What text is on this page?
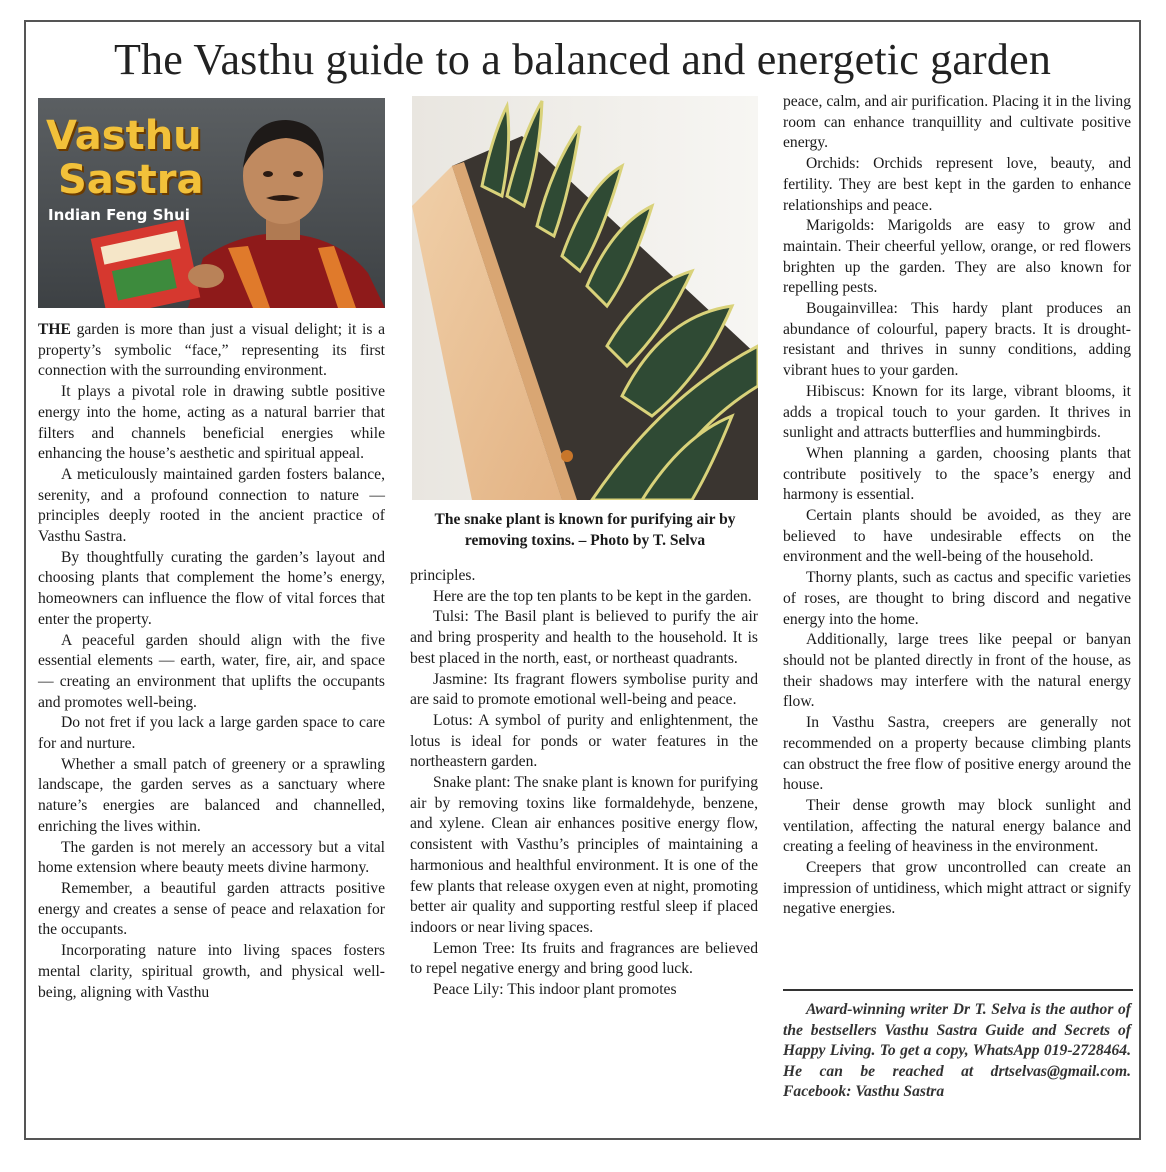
The Vasthu guide to a balanced and energetic garden
Vasthu
Sastra
Indian Feng Shui
The snake plant is known for purifying air by removing toxins. – Photo by T. Selva

THE garden is more than just a visual delight; it is a property’s symbolic “face,” representing its first connection with the surrounding environment.

It plays a pivotal role in drawing subtle positive energy into the home, acting as a natural barrier that filters and channels beneficial energies while enhancing the house’s aesthetic and spiritual appeal.

A meticulously maintained garden fosters balance, serenity, and a profound connection to nature — principles deeply rooted in the ancient practice of Vasthu Sastra.

By thoughtfully curating the garden’s layout and choosing plants that complement the home’s energy, homeowners can influence the flow of vital forces that enter the property.

A peaceful garden should align with the five essential elements — earth, water, fire, air, and space — creating an environment that uplifts the occupants and promotes well-being.

Do not fret if you lack a large garden space to care for and nurture.

Whether a small patch of greenery or a sprawling landscape, the garden serves as a sanctuary where nature’s energies are balanced and channelled, enriching the lives within.

The garden is not merely an accessory but a vital home extension where beauty meets divine harmony.

Remember, a beautiful garden attracts positive energy and creates a sense of peace and relaxation for the occupants.

Incorporating nature into living spaces fosters mental clarity, spiritual growth, and physical well-being, aligning with Vasthu

principles.

Here are the top ten plants to be kept in the garden.

Tulsi: The Basil plant is believed to purify the air and bring prosperity and health to the household. It is best placed in the north, east, or northeast quadrants.

Jasmine: Its fragrant flowers symbolise purity and are said to promote emotional well-being and peace.

Lotus: A symbol of purity and enlightenment, the lotus is ideal for ponds or water features in the northeastern garden.

Snake plant: The snake plant is known for purifying air by removing toxins like formaldehyde, benzene, and xylene. Clean air enhances positive energy flow, consistent with Vasthu’s principles of maintaining a harmonious and healthful environment. It is one of the few plants that release oxygen even at night, promoting better air quality and supporting restful sleep if placed indoors or near living spaces.

Lemon Tree: Its fruits and fragrances are believed to repel negative energy and bring good luck.

Peace Lily: This indoor plant promotes

peace, calm, and air purification. Placing it in the living room can enhance tranquillity and cultivate positive energy.

Orchids: Orchids represent love, beauty, and fertility. They are best kept in the garden to enhance relationships and peace.

Marigolds: Marigolds are easy to grow and maintain. Their cheerful yellow, orange, or red flowers brighten up the garden. They are also known for repelling pests.

Bougainvillea: This hardy plant produces an abundance of colourful, papery bracts. It is drought-resistant and thrives in sunny conditions, adding vibrant hues to your garden.

Hibiscus: Known for its large, vibrant blooms, it adds a tropical touch to your garden. It thrives in sunlight and attracts butterflies and hummingbirds.

When planning a garden, choosing plants that contribute positively to the space’s energy and harmony is essential.

Certain plants should be avoided, as they are believed to have undesirable effects on the environment and the well-being of the household.

Thorny plants, such as cactus and specific varieties of roses, are thought to bring discord and negative energy into the home.

Additionally, large trees like peepal or banyan should not be planted directly in front of the house, as their shadows may interfere with the natural energy flow.

In Vasthu Sastra, creepers are generally not recommended on a property because climbing plants can obstruct the free flow of positive energy around the house.

Their dense growth may block sunlight and ventilation, affecting the natural energy balance and creating a feeling of heaviness in the environment.

Creepers that grow uncontrolled can create an impression of untidiness, which might attract or signify negative energies.

Award-winning writer Dr T. Selva is the author of the bestsellers Vasthu Sastra Guide and Secrets of Happy Living. To get a copy, WhatsApp 019-2728464. He can be reached at drtselvas@gmail.com. Facebook: Vasthu Sastra
